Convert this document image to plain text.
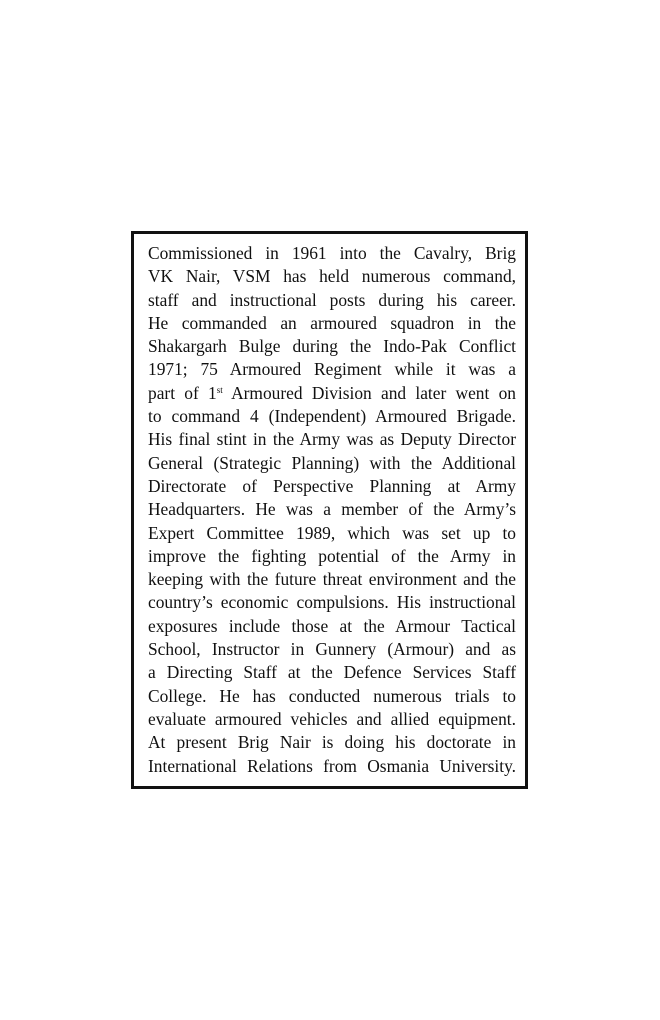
Commissioned in 1961 into the Cavalry, Brig
VK Nair, VSM has held numerous command,
staff and instructional posts during his career.
He commanded an armoured squadron in the
Shakargarh Bulge during the Indo-Pak Conflict
1971; 75 Armoured Regiment while it was a
part of 1st Armoured Division and later went on
to command 4 (Independent) Armoured Brigade.
His final stint in the Army was as Deputy Director
General (Strategic Planning) with the Additional
Directorate of Perspective Planning at Army
Headquarters. He was a member of the Army’s
Expert Committee 1989, which was set up to
improve the fighting potential of the Army in
keeping with the future threat environment and the
country’s economic compulsions. His instructional
exposures include those at the Armour Tactical
School, Instructor in Gunnery (Armour) and as
a Directing Staff at the Defence Services Staff
College. He has conducted numerous trials to
evaluate armoured vehicles and allied equipment.
At present Brig Nair is doing his doctorate in
International Relations from Osmania University.
